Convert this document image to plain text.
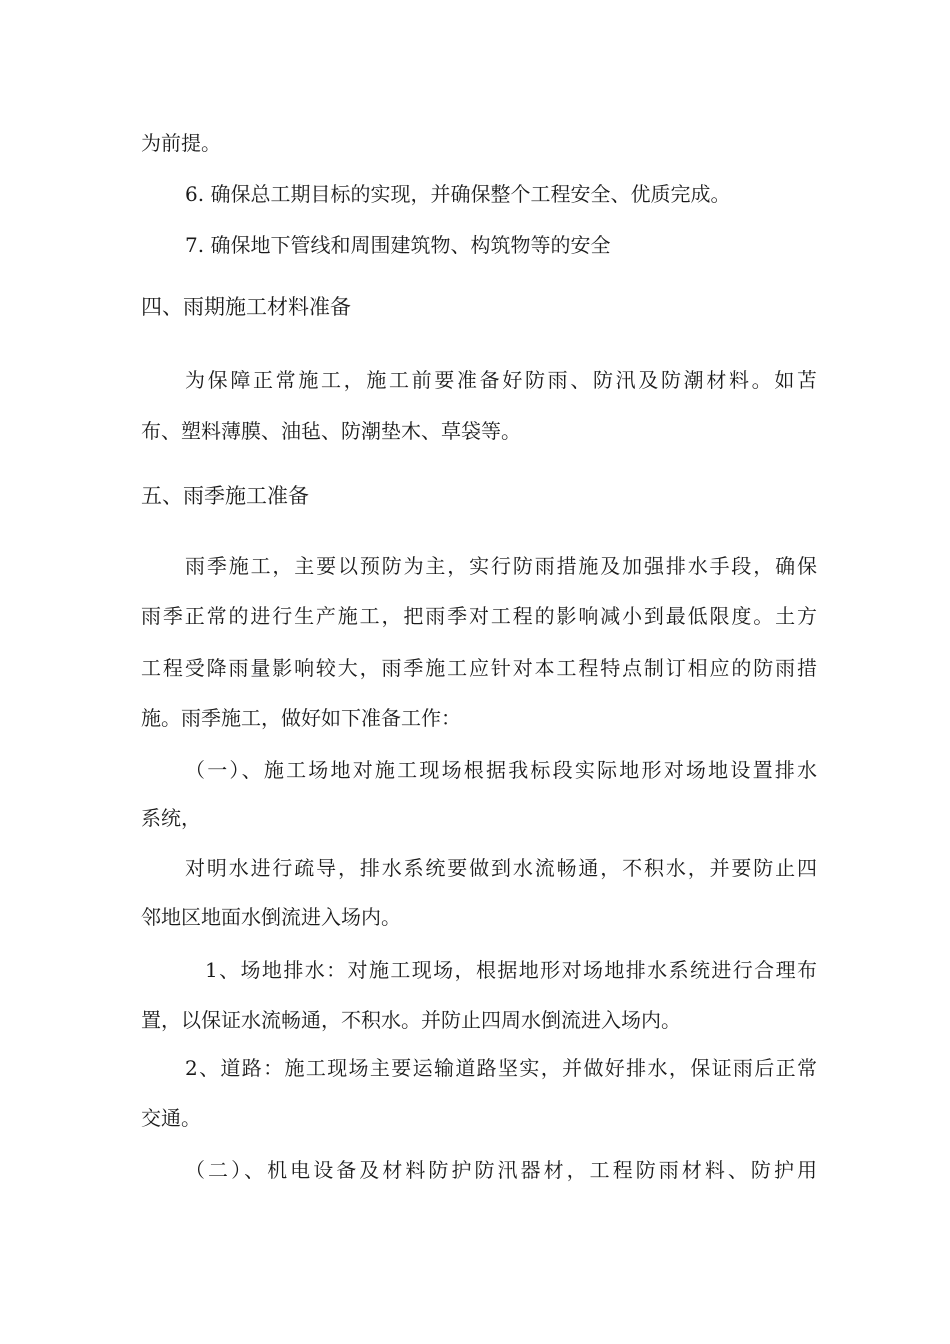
为前提。
6. 确保总工期目标的实现，并确保整个工程安全、优质完成。
7. 确保地下管线和周围建筑物、构筑物等的安全
四、雨期施工材料准备
为保障正常施工，施工前要准备好防雨、防汛及防潮材料。如苫
布、塑料薄膜、油毡、防潮垫木、草袋等。
五、雨季施工准备
雨季施工，主要以预防为主，实行防雨措施及加强排水手段，确保
雨季正常的进行生产施工，把雨季对工程的影响减小到最低限度。土方
工程受降雨量影响较大，雨季施工应针对本工程特点制订相应的防雨措
施。雨季施工，做好如下准备工作：
（一）、施工场地对施工现场根据我标段实际地形对场地设置排水
系统，
对明水进行疏导，排水系统要做到水流畅通，不积水，并要防止四
邻地区地面水倒流进入场内。
1、场地排水：对施工现场，根据地形对场地排水系统进行合理布
置，以保证水流畅通，不积水。并防止四周水倒流进入场内。
2、道路：施工现场主要运输道路坚实，并做好排水，保证雨后正常
交通。
（二）、机电设备及材料防护防汛器材，工程防雨材料、防护用
